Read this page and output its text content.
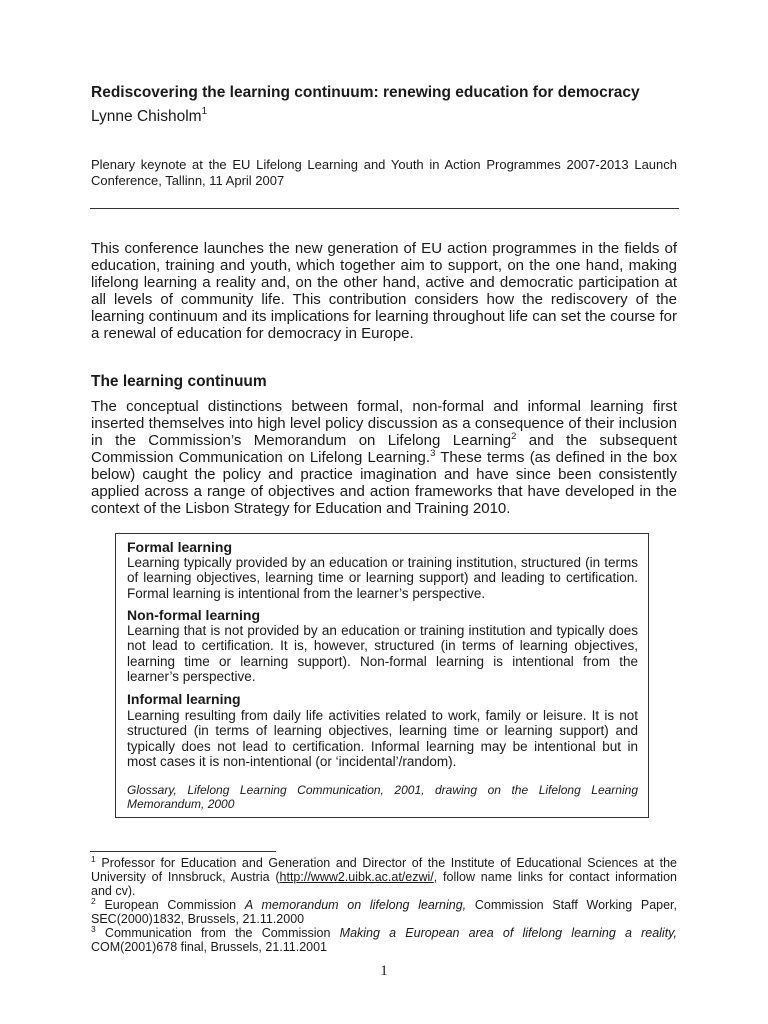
Rediscovering the learning continuum: renewing education for democracy
Lynne Chisholm$^1$
Plenary keynote at the EU Lifelong Learning and Youth in Action Programmes 2007-2013 Launch Conference, Tallinn, 11 April 2007
This conference launches the new generation of EU action programmes in the fields of education, training and youth, which together aim to support, on the one hand, making lifelong learning a reality and, on the other hand, active and democratic participation at all levels of community life. This contribution considers how the rediscovery of the learning continuum and its implications for learning throughout life can set the course for a renewal of education for democracy in Europe.
The learning continuum
The conceptual distinctions between formal, non-formal and informal learning first inserted themselves into high level policy discussion as a consequence of their inclusion in the Commission’s Memorandum on Lifelong Learning$^2$ and the subsequent Commission Communication on Lifelong Learning.$^3$ These terms (as defined in the box below) caught the policy and practice imagination and have since been consistently applied across a range of objectives and action frameworks that have developed in the context of the Lisbon Strategy for Education and Training 2010.
Formal learning
Learning typically provided by an education or training institution, structured (in terms of learning objectives, learning time or learning support) and leading to certification. Formal learning is intentional from the learner’s perspective.
Non-formal learning
Learning that is not provided by an education or training institution and typically does not lead to certification. It is, however, structured (in terms of learning objectives, learning time or learning support). Non-formal learning is intentional from the learner’s perspective.
Informal learning
Learning resulting from daily life activities related to work, family or leisure. It is not structured (in terms of learning objectives, learning time or learning support) and typically does not lead to certification. Informal learning may be intentional but in most cases it is non-intentional (or ‘incidental’/random).
Glossary, Lifelong Learning Communication, 2001, drawing on the Lifelong Learning Memorandum, 2000
$^1$ Professor for Education and Generation and Director of the Institute of Educational Sciences at the University of Innsbruck, Austria (http://www2.uibk.ac.at/ezwi/, follow name links for contact information and cv).
$^2$ European Commission A memorandum on lifelong learning, Commission Staff Working Paper, SEC(2000)1832, Brussels, 21.11.2000
$^3$ Communication from the Commission Making a European area of lifelong learning a reality, COM(2001)678 final, Brussels, 21.11.2001
1
